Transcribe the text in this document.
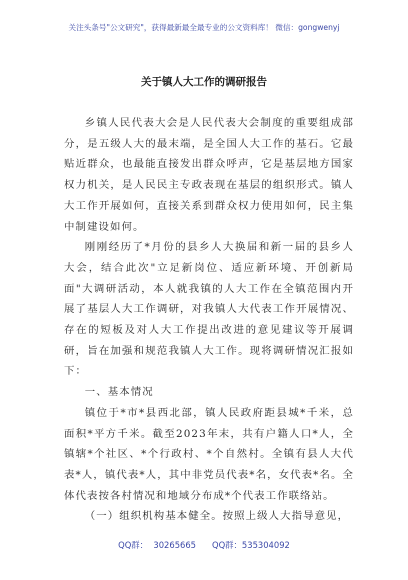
关注头条号"公文研究"，获得最新最全最专业的公文资料库！ 微信：gongwenyj
关于镇人大工作的调研报告

乡镇人民代表大会是人民代表大会制度的重要组成部分，是五级人大的最末端，是全国人大工作的基石。它最贴近群众，也最能直接发出群众呼声，它是基层地方国家权力机关，是人民民主专政表现在基层的组织形式。镇人大工作开展如何，直接关系到群众权力使用如何，民主集中制建设如何。

刚刚经历了*月份的县乡人大换届和新一届的县乡人大会，结合此次"立足新岗位、适应新环境、开创新局面"大调研活动，本人就我镇的人大工作在全镇范围内开展了基层人大工作调研，对我镇人大代表工作开展情况、存在的短板及对人大工作提出改进的意见建议等开展调研，旨在加强和规范我镇人大工作。现将调研情况汇报如下：

一、基本情况

镇位于*市*县西北部，镇人民政府距县城*千米，总面积*平方千米。截至2023年末，共有户籍人口*人，全镇辖*个社区、*个行政村、*个自然村。全镇有县人大代表*人，镇代表*人，其中非党员代表*名，女代表*名。全体代表按各村情况和地域分布成*个代表工作联络站。

（一）组织机构基本健全。按照上级人大指导意见，

QQ群：  30265665      QQ群：535304092
